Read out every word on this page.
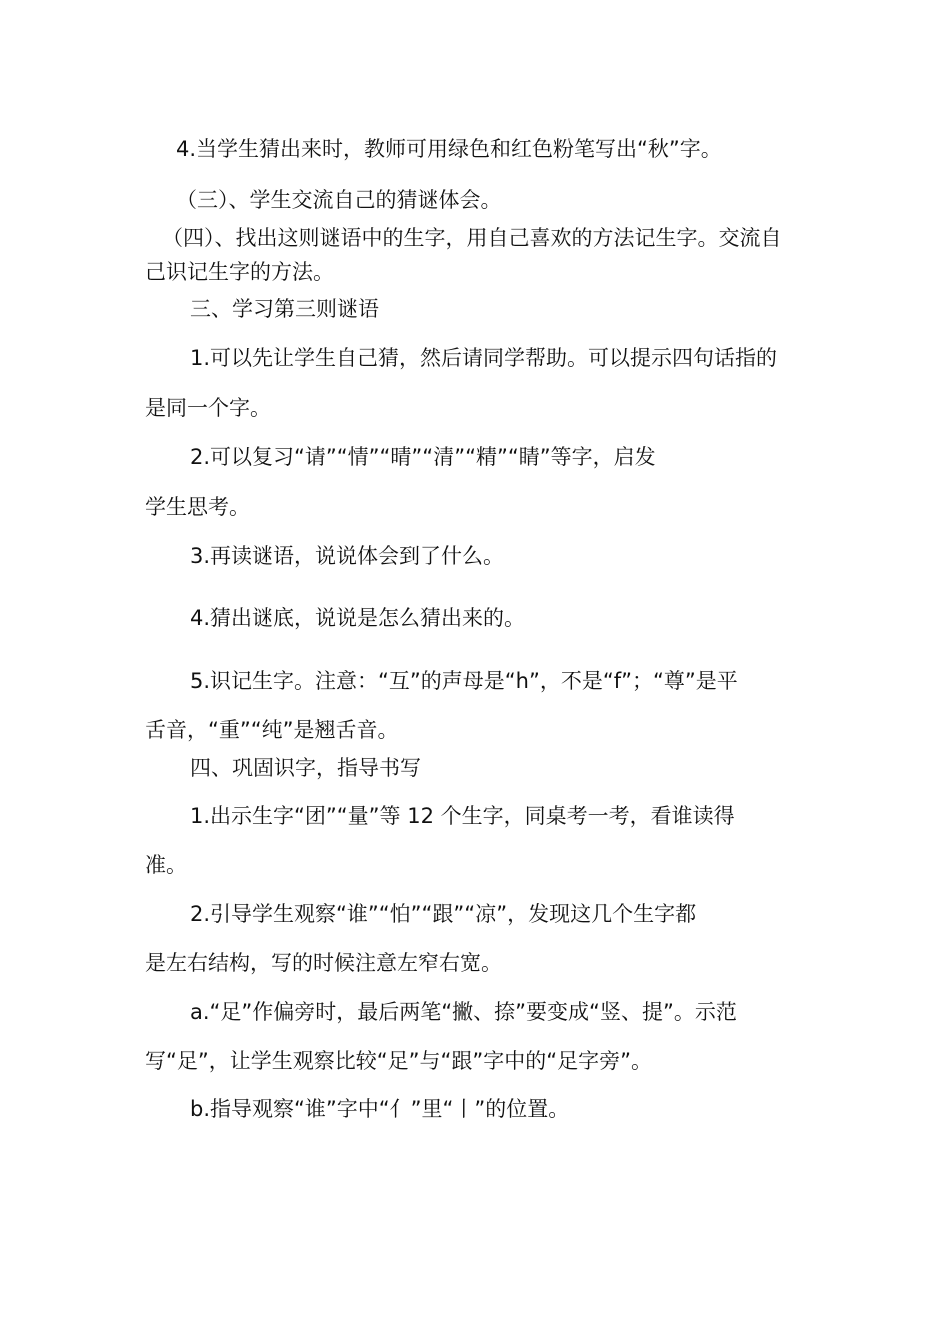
4.当学生猜出来时，教师可用绿色和红色粉笔写出“秋”字。
（三）、学生交流自己的猜谜体会。
（四）、找出这则谜语中的生字，用自己喜欢的方法记生字。交流自
己识记生字的方法。
三、学习第三则谜语
1.可以先让学生自己猜，然后请同学帮助。可以提示四句话指的
是同一个字。
2.可以复习“请”“情”“晴”“清”“精”“睛”等字，启发
学生思考。
3.再读谜语，说说体会到了什么。
4.猜出谜底，说说是怎么猜出来的。
5.识记生字。注意：“互”的声母是“h”，不是“f”；“尊”是平
舌音，“重”“纯”是翘舌音。
四、巩固识字，指导书写
1.出示生字“团”“量”等 12 个生字，同桌考一考，看谁读得
准。
2.引导学生观察“谁”“怕”“跟”“凉”，发现这几个生字都
是左右结构，写的时候注意左窄右宽。
a.“足”作偏旁时，最后两笔“撇、捺”要变成“竖、提”。示范
写“足”，让学生观察比较“足”与“跟”字中的“足字旁”。
b.指导观察“谁”字中“亻”里“丨”的位置。
